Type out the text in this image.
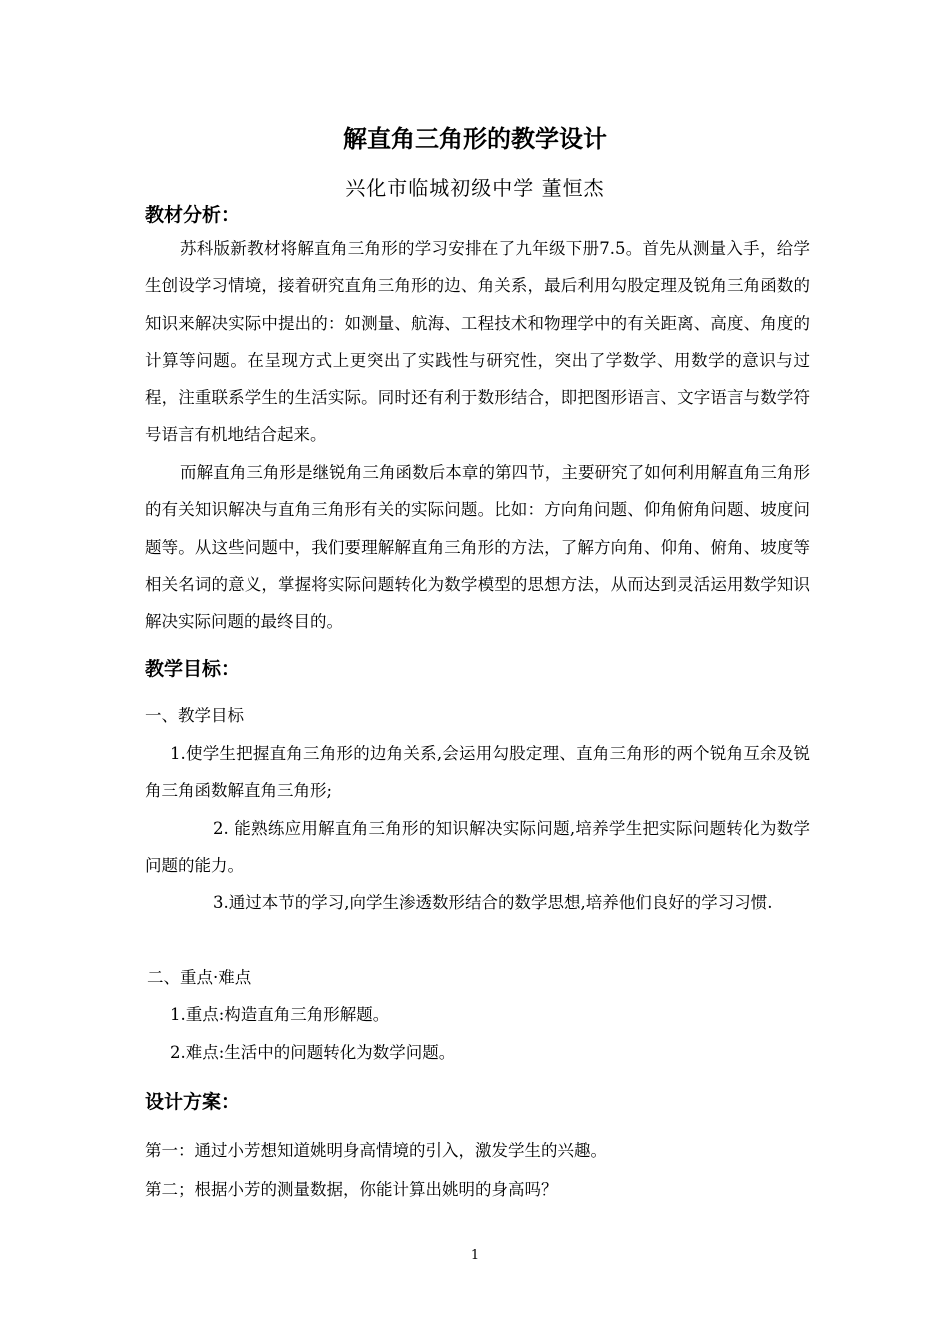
解直角三角形的教学设计
兴化市临城初级中学 董恒杰
教材分析：
苏科版新教材将解直角三角形的学习安排在了九年级下册7.5。首先从测量入手，给学生创设学习情境，接着研究直角三角形的边、角关系，最后利用勾股定理及锐角三角函数的知识来解决实际中提出的：如测量、航海、工程技术和物理学中的有关距离、高度、角度的计算等问题。在呈现方式上更突出了实践性与研究性，突出了学数学、用数学的意识与过程，注重联系学生的生活实际。同时还有利于数形结合，即把图形语言、文字语言与数学符号语言有机地结合起来。
而解直角三角形是继锐角三角函数后本章的第四节，主要研究了如何利用解直角三角形的有关知识解决与直角三角形有关的实际问题。比如：方向角问题、仰角俯角问题、坡度问题等。从这些问题中，我们要理解解直角三角形的方法，了解方向角、仰角、俯角、坡度等相关名词的意义，掌握将实际问题转化为数学模型的思想方法，从而达到灵活运用数学知识解决实际问题的最终目的。
教学目标：
一、教学目标
1.使学生把握直角三角形的边角关系,会运用勾股定理、直角三角形的两个锐角互余及锐角三角函数解直角三角形;
2. 能熟练应用解直角三角形的知识解决实际问题,培养学生把实际问题转化为数学问题的能力。
3.通过本节的学习,向学生渗透数形结合的数学思想,培养他们良好的学习习惯.
二、重点·难点
1.重点:构造直角三角形解题。
2.难点:生活中的问题转化为数学问题。
设计方案：
第一：通过小芳想知道姚明身高情境的引入，激发学生的兴趣。
第二；根据小芳的测量数据，你能计算出姚明的身高吗？
1
